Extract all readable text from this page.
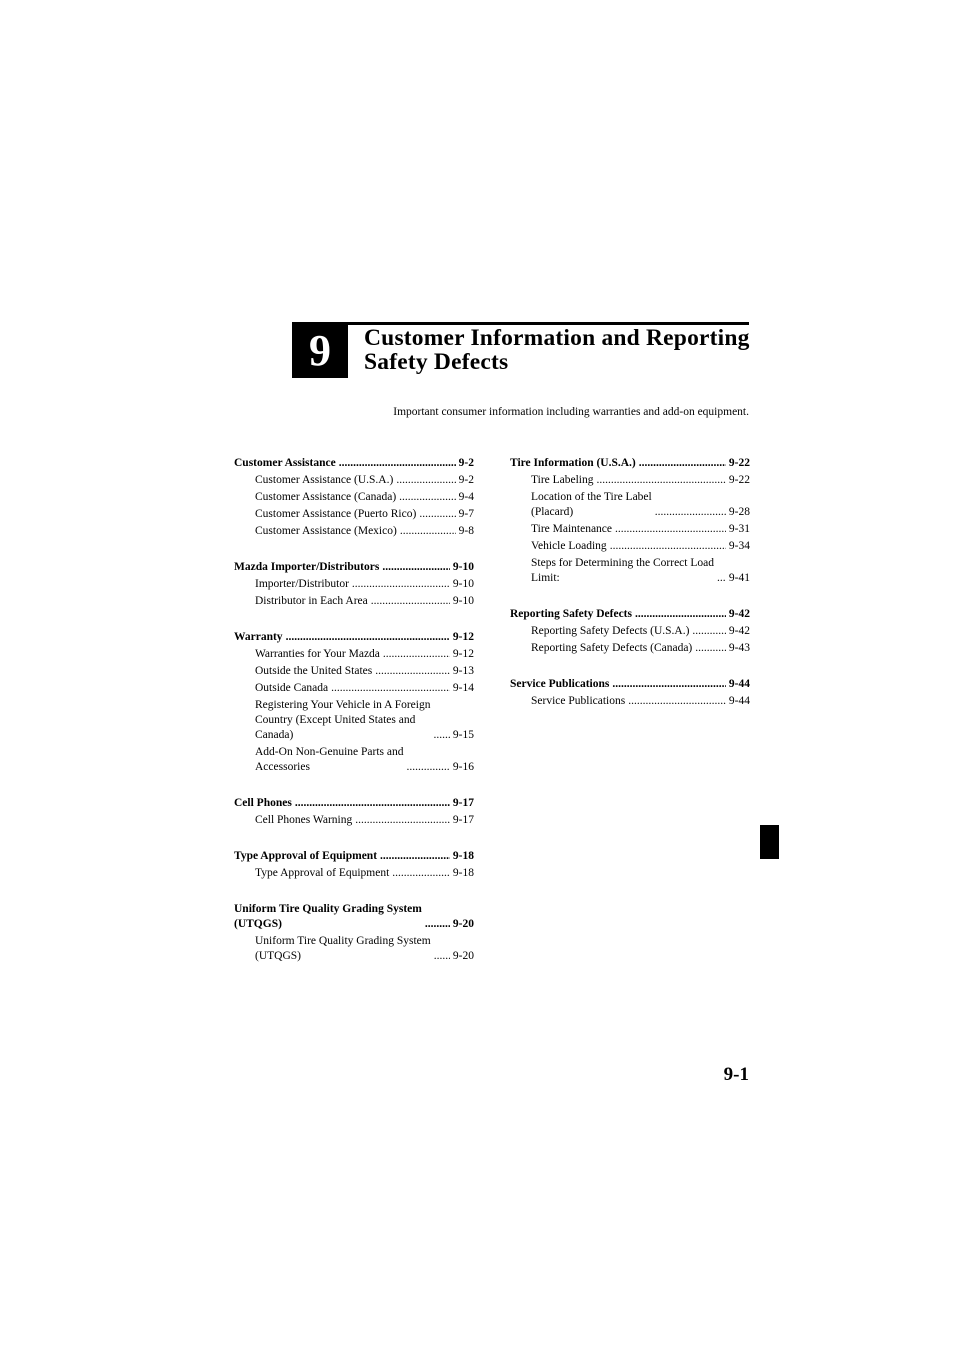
9 Customer Information and Reporting Safety Defects
Important consumer information including warranties and add-on equipment.
Customer Assistance .....	9-2
Customer Assistance (U.S.A.) .....	9-2
Customer Assistance (Canada) .....	9-4
Customer Assistance (Puerto Rico) .....	9-7
Customer Assistance (Mexico) .....	9-8
Mazda Importer/Distributors .....	9-10
Importer/Distributor .....	9-10
Distributor in Each Area .....	9-10
Warranty .....	9-12
Warranties for Your Mazda .....	9-12
Outside the United States .....	9-13
Outside Canada .....	9-14
Registering Your Vehicle in A Foreign
Country (Except United States and
Canada) .....	9-15
Add-On Non-Genuine Parts and
Accessories .....	9-16
Cell Phones .....	9-17
Cell Phones Warning .....	9-17
Type Approval of Equipment .....	9-18
Type Approval of Equipment .....	9-18
Uniform Tire Quality Grading System
(UTQGS) .....	9-20
Uniform Tire Quality Grading System
(UTQGS) .....	9-20
Tire Information (U.S.A.) .....	9-22
Tire Labeling .....	9-22
Location of the Tire Label
(Placard) .....	9-28
Tire Maintenance .....	9-31
Vehicle Loading .....	9-34
Steps for Determining the Correct Load
Limit: .....	9-41
Reporting Safety Defects .....	9-42
Reporting Safety Defects (U.S.A.) .....	9-42
Reporting Safety Defects (Canada) .....	9-43
Service Publications .....	9-44
Service Publications .....	9-44
9-1
